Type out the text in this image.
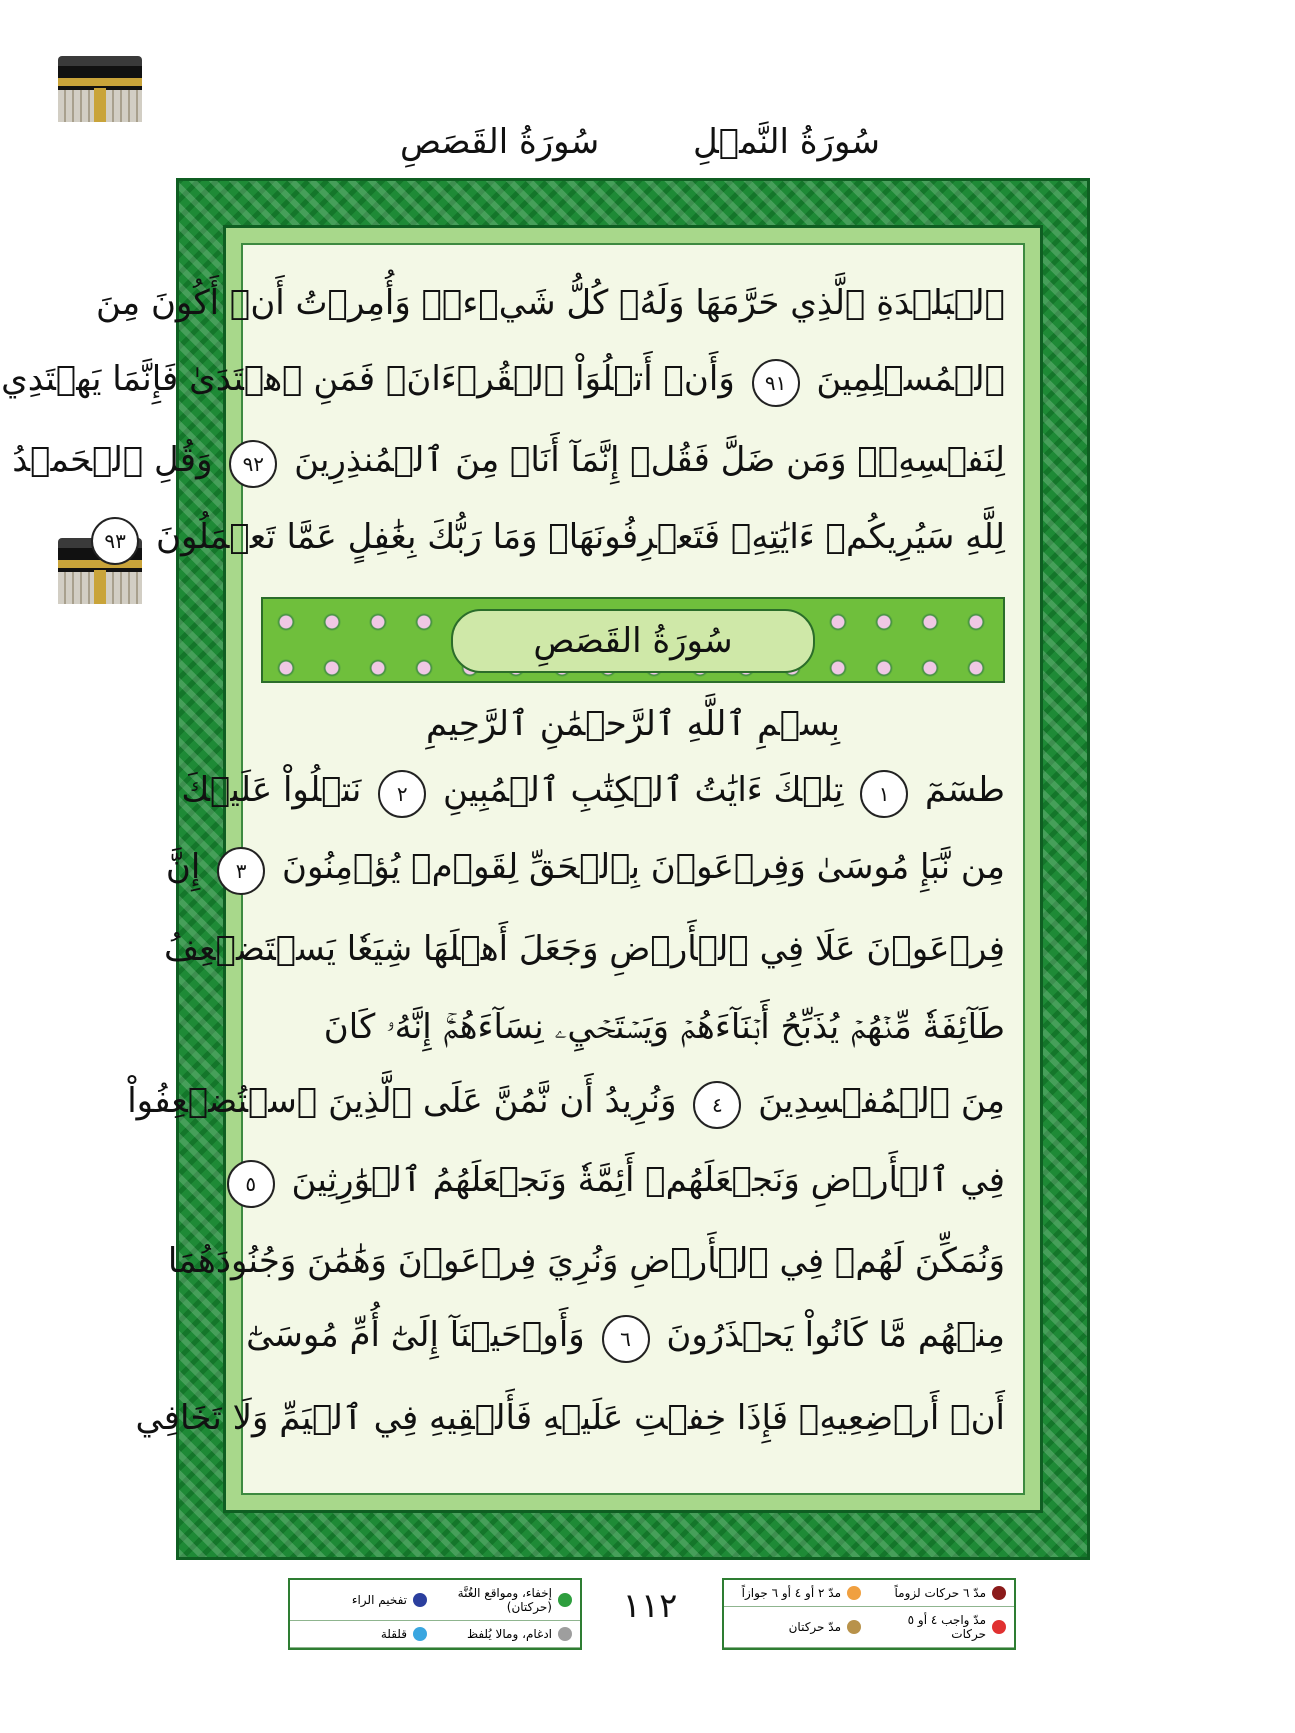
سُورَةُ النَّمۡلِ
سُورَةُ القَصَصِ
ٱلۡبَلۡدَةِ ٱلَّذِي حَرَّمَهَا وَلَهُۥ كُلُّ شَيۡءٖۖ وَأُمِرۡتُ أَنۡ أَكُونَ مِنَ
ٱلۡمُسۡلِمِينَ ٩١ وَأَنۡ أَتۡلُوَاْ ٱلۡقُرۡءَانَۖ فَمَنِ ٱهۡتَدَىٰ فَإِنَّمَا يَهۡتَدِي
لِنَفۡسِهِۦۖ وَمَن ضَلَّ فَقُلۡ إِنَّمَآ أَنَا۠ مِنَ ٱلۡمُنذِرِينَ ٩٢ وَقُلِ ٱلۡحَمۡدُ
لِلَّهِ سَيُرِيكُمۡ ءَايَٰتِهِۦ فَتَعۡرِفُونَهَاۚ وَمَا رَبُّكَ بِغَٰفِلٍ عَمَّا تَعۡمَلُونَ ٩٣
سُورَةُ القَصَصِ
بِسۡمِ ٱللَّهِ ٱلرَّحۡمَٰنِ ٱلرَّحِيمِ
طسٓمٓ ١ تِلۡكَ ءَايَٰتُ ٱلۡكِتَٰبِ ٱلۡمُبِينِ ٢ نَتۡلُواْ عَلَيۡكَ
مِن نَّبَإِ مُوسَىٰ وَفِرۡعَوۡنَ بِٱلۡحَقِّ لِقَوۡمٖ يُؤۡمِنُونَ ٣ إِنَّ
فِرۡعَوۡنَ عَلَا فِي ٱلۡأَرۡضِ وَجَعَلَ أَهۡلَهَا شِيَعٗا يَسۡتَضۡعِفُ
طَآئِفَةٗ مِّنۡهُمۡ يُذَبِّحُ أَبۡنَآءَهُمۡ وَيَسۡتَحۡيِۦ نِسَآءَهُمۡۚ إِنَّهُۥ كَانَ
مِنَ ٱلۡمُفۡسِدِينَ ٤ وَنُرِيدُ أَن نَّمُنَّ عَلَى ٱلَّذِينَ ٱسۡتُضۡعِفُواْ
فِي ٱلۡأَرۡضِ وَنَجۡعَلَهُمۡ أَئِمَّةٗ وَنَجۡعَلَهُمُ ٱلۡوَٰرِثِينَ ٥
وَنُمَكِّنَ لَهُمۡ فِي ٱلۡأَرۡضِ وَنُرِيَ فِرۡعَوۡنَ وَهَٰمَٰنَ وَجُنُودَهُمَا
مِنۡهُم مَّا كَانُواْ يَحۡذَرُونَ ٦ وَأَوۡحَيۡنَآ إِلَىٰٓ أُمِّ مُوسَىٰٓ
أَنۡ أَرۡضِعِيهِۖ فَإِذَا خِفۡتِ عَلَيۡهِ فَأَلۡقِيهِ فِي ٱلۡيَمِّ وَلَا تَخَافِي
إخفاء، ومواقع الغُنَّة (حركتان)
تفخيم الراء
ادغام، ومالا يُلفظ
قلقلة
١١٢	مدّ ٦ حركات لزوماً
مدّ ٢ أو ٤ أو ٦ جوازاً
مدّ واجب ٤ أو ٥ حركات
مدّ حركتان
